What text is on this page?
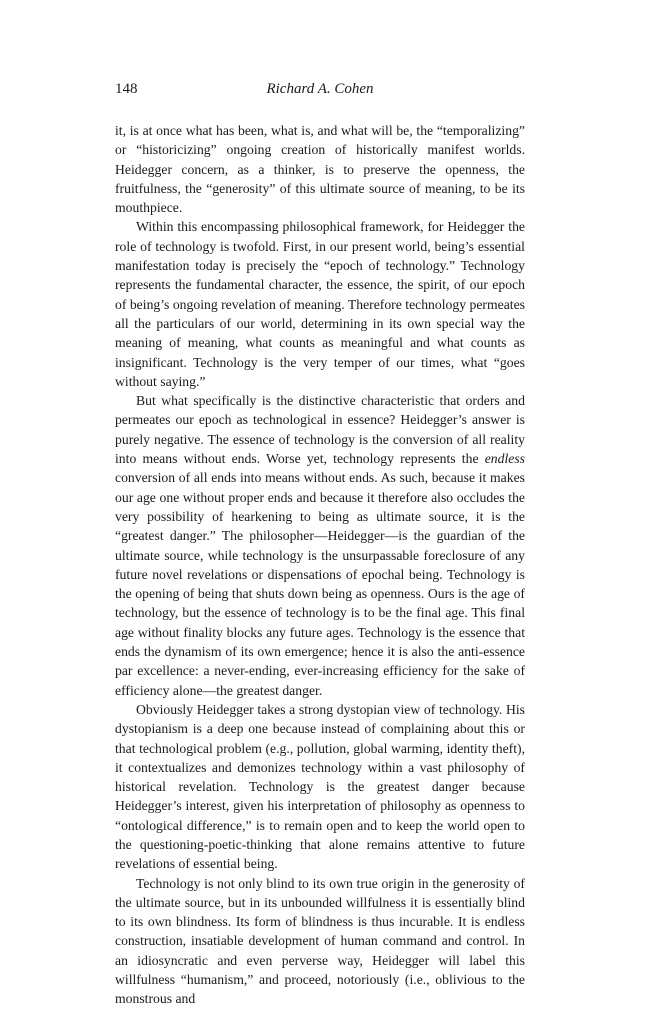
148	Richard A. Cohen

it, is at once what has been, what is, and what will be, the “temporalizing” or “historicizing” ongoing creation of historically manifest worlds. Heidegger concern, as a thinker, is to preserve the openness, the fruitfulness, the “generosity” of this ultimate source of meaning, to be its mouthpiece.

Within this encompassing philosophical framework, for Heidegger the role of technology is twofold. First, in our present world, being’s essential manifestation today is precisely the “epoch of technology.” Technology represents the fundamental character, the essence, the spirit, of our epoch of being’s ongoing revelation of meaning. Therefore technology permeates all the particulars of our world, determining in its own special way the meaning of meaning, what counts as meaningful and what counts as insignificant. Technology is the very temper of our times, what “goes without saying.”

But what specifically is the distinctive characteristic that orders and permeates our epoch as technological in essence? Heidegger’s answer is purely negative. The essence of technology is the conversion of all reality into means without ends. Worse yet, technology represents the endless conversion of all ends into means without ends. As such, because it makes our age one without proper ends and because it therefore also occludes the very possibility of hearkening to being as ultimate source, it is the “greatest danger.” The philosopher—Heidegger—is the guardian of the ultimate source, while technology is the unsurpassable foreclosure of any future novel revelations or dispensations of epochal being. Technology is the opening of being that shuts down being as openness. Ours is the age of technology, but the essence of technology is to be the final age. This final age without finality blocks any future ages. Technology is the essence that ends the dynamism of its own emergence; hence it is also the anti-essence par excellence: a never-ending, ever-increasing efficiency for the sake of efficiency alone—the greatest danger.

Obviously Heidegger takes a strong dystopian view of technology. His dystopianism is a deep one because instead of complaining about this or that technological problem (e.g., pollution, global warming, identity theft), it contextualizes and demonizes technology within a vast philosophy of historical revelation. Technology is the greatest danger because Heidegger’s interest, given his interpretation of philosophy as openness to “ontological difference,” is to remain open and to keep the world open to the questioning-poetic-thinking that alone remains attentive to future revelations of essential being.

Technology is not only blind to its own true origin in the generosity of the ultimate source, but in its unbounded willfulness it is essentially blind to its own blindness. Its form of blindness is thus incurable. It is endless construction, insatiable development of human command and control. In an idiosyncratic and even perverse way, Heidegger will label this willfulness “humanism,” and proceed, notoriously (i.e., oblivious to the monstrous and
